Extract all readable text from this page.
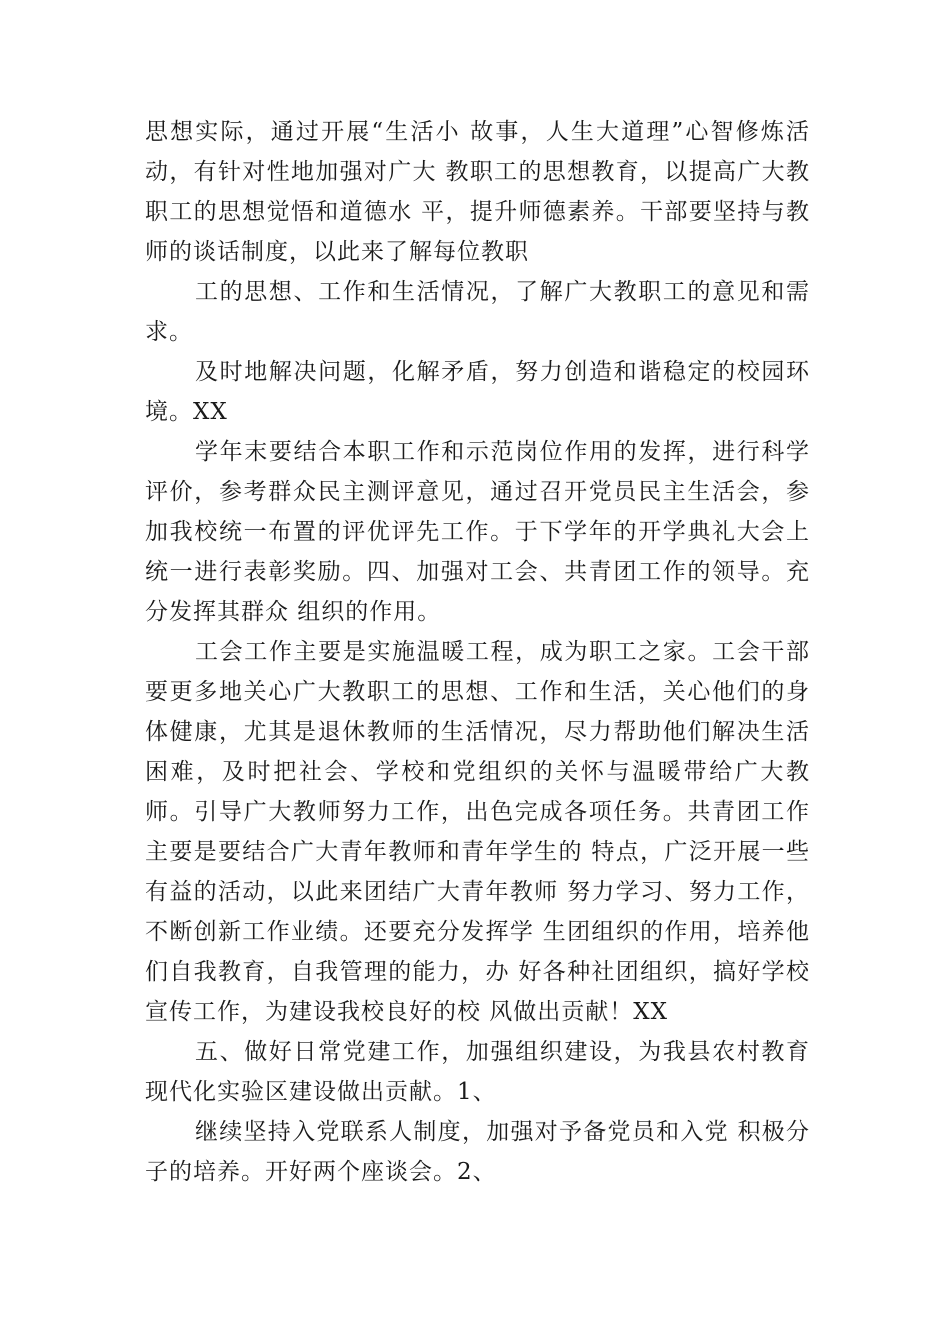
思想实际，通过开展“生活小 故事，人生大道理”心智修炼活动，有针对性地加强对广大 教职工的思想教育，以提高广大教职工的思想觉悟和道德水 平，提升师德素养。干部要坚持与教师的谈话制度，以此来了解每位教职

工的思想、工作和生活情况，了解广大教职工的意见和需求。

及时地解决问题，化解矛盾，努力创造和谐稳定的校园环境。XX

学年末要结合本职工作和示范岗位作用的发挥，进行科学评价，参考群众民主测评意见，通过召开党员民主生活会，参加我校统一布置的评优评先工作。于下学年的开学典礼大会上统一进行表彰奖励。四、加强对工会、共青团工作的领导。充分发挥其群众 组织的作用。

工会工作主要是实施温暖工程，成为职工之家。工会干部要更多地关心广大教职工的思想、工作和生活，关心他们的身体健康，尤其是退休教师的生活情况，尽力帮助他们解决生活困难，及时把社会、学校和党组织的关怀与温暖带给广大教师。引导广大教师努力工作，出色完成各项任务。共青团工作主要是要结合广大青年教师和青年学生的 特点，广泛开展一些有益的活动，以此来团结广大青年教师 努力学习、努力工作，不断创新工作业绩。还要充分发挥学 生团组织的作用，培养他们自我教育，自我管理的能力，办 好各种社团组织，搞好学校宣传工作，为建设我校良好的校 风做出贡献！XX

五、做好日常党建工作，加强组织建设，为我县农村教育现代化实验区建设做出贡献。1、

继续坚持入党联系人制度，加强对予备党员和入党 积极分子的培养。开好两个座谈会。2、
